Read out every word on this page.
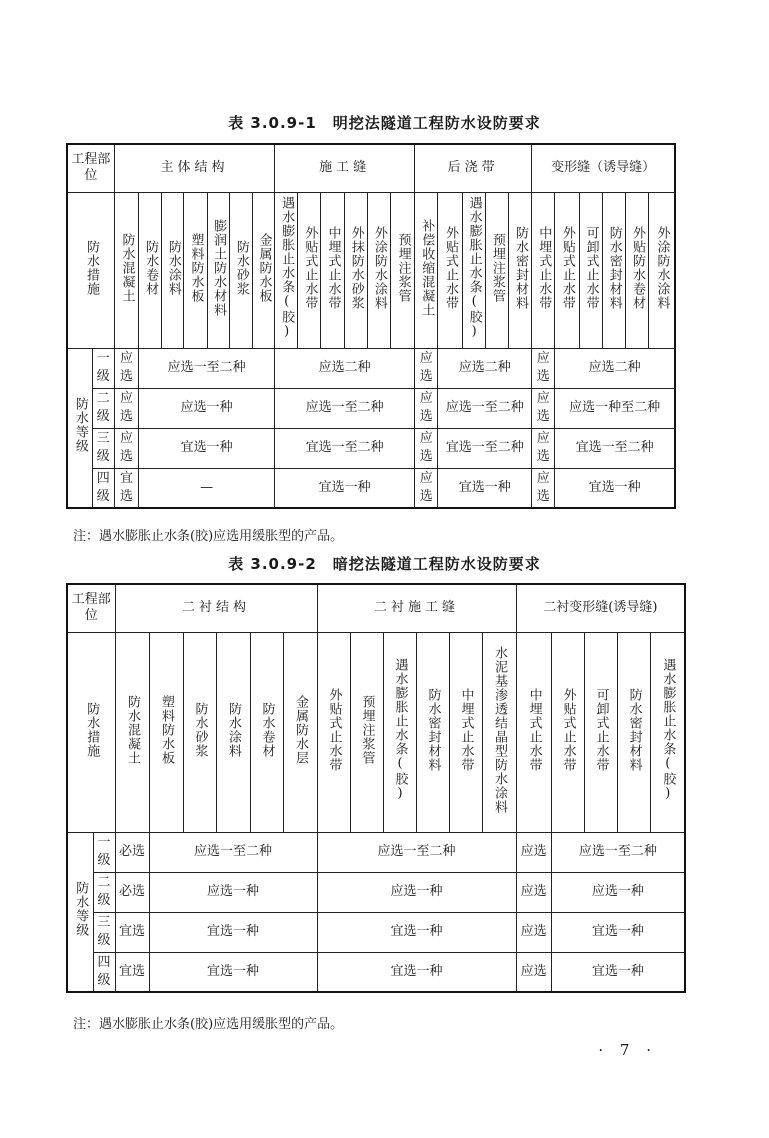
表 3.0.9-1　明挖法隧道工程防水设防要求
工程部位		主体结构							施工缝						后浇带					变形缝（诱导缝）					
防水措施		防水混凝土	防水卷材	防水涂料	塑料防水板	膨润土防水材料	防水砂浆	金属防水板	遇水膨胀止水条(胶)	外贴式止水带	中埋式止水带	外抹防水砂浆	外涂防水涂料	预埋注浆管	补偿收缩混凝土	外贴式止水带	遇水膨胀止水条(胶)	预埋注浆管	防水密封材料	中埋式止水带	外贴式止水带	可卸式止水带	防水密封材料	外贴防水卷材	外涂防水涂料
防水等级	一级	应选	应选一至二种						应选二种						应选	应选二种				应选	应选二种				
	二级	应选	应选一种						应选一至二种						应选	应选一至二种				应选	应选一种至二种				
	三级	应选	宜选一种						宜选一至二种						应选	宜选一至二种				应选	宜选一至二种				
	四级	宜选	—						宜选一种						应选	宜选一种				应选	宜选一种				
注：遇水膨胀止水条(胶)应选用缓胀型的产品。
表 3.0.9-2　暗挖法隧道工程防水设防要求
工程部位		二衬结构						二衬施工缝						二衬变形缝(诱导缝)				
防水措施		防水混凝土	塑料防水板	防水砂浆	防水涂料	防水卷材	金属防水层	外贴式止水带	预埋注浆管	遇水膨胀止水条(胶)	防水密封材料	中埋式止水带	水泥基渗透结晶型防水涂料	中埋式止水带	外贴式止水带	可卸式止水带	防水密封材料	遇水膨胀止水条(胶)
防水等级	一级	必选	应选一至二种					应选一至二种						应选	应选一至二种			
	二级	必选	应选一种					应选一种						应选	应选一种			
	三级	宜选	宜选一种					宜选一种						应选	宜选一种			
	四级	宜选	宜选一种					宜选一种						应选	宜选一种			
注：遇水膨胀止水条(胶)应选用缓胀型的产品。
· 7 ·
